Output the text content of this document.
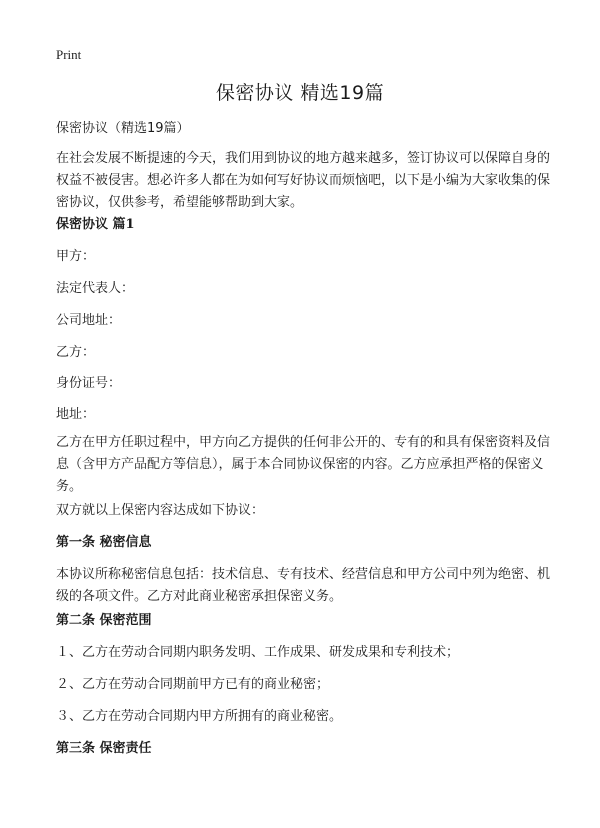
Print
保密协议 精选19篇

保密协议（精选19篇）

在社会发展不断提速的今天，我们用到协议的地方越来越多，签订协议可以保障自身的权益不被侵害。想必许多人都在为如何写好协议而烦恼吧，以下是小编为大家收集的保密协议，仅供参考，希望能够帮助到大家。

保密协议 篇1

甲方：

法定代表人：

公司地址：

乙方：

身份证号：

地址：

乙方在甲方任职过程中，甲方向乙方提供的任何非公开的、专有的和具有保密资料及信息（含甲方产品配方等信息），属于本合同协议保密的内容。乙方应承担严格的保密义务。

双方就以上保密内容达成如下协议：

第一条 秘密信息

本协议所称秘密信息包括：技术信息、专有技术、经营信息和甲方公司中列为绝密、机级的各项文件。乙方对此商业秘密承担保密义务。

第二条 保密范围

１、乙方在劳动合同期内职务发明、工作成果、研发成果和专利技术；

２、乙方在劳动合同期前甲方已有的商业秘密；

３、乙方在劳动合同期内甲方所拥有的商业秘密。

第三条 保密责任
